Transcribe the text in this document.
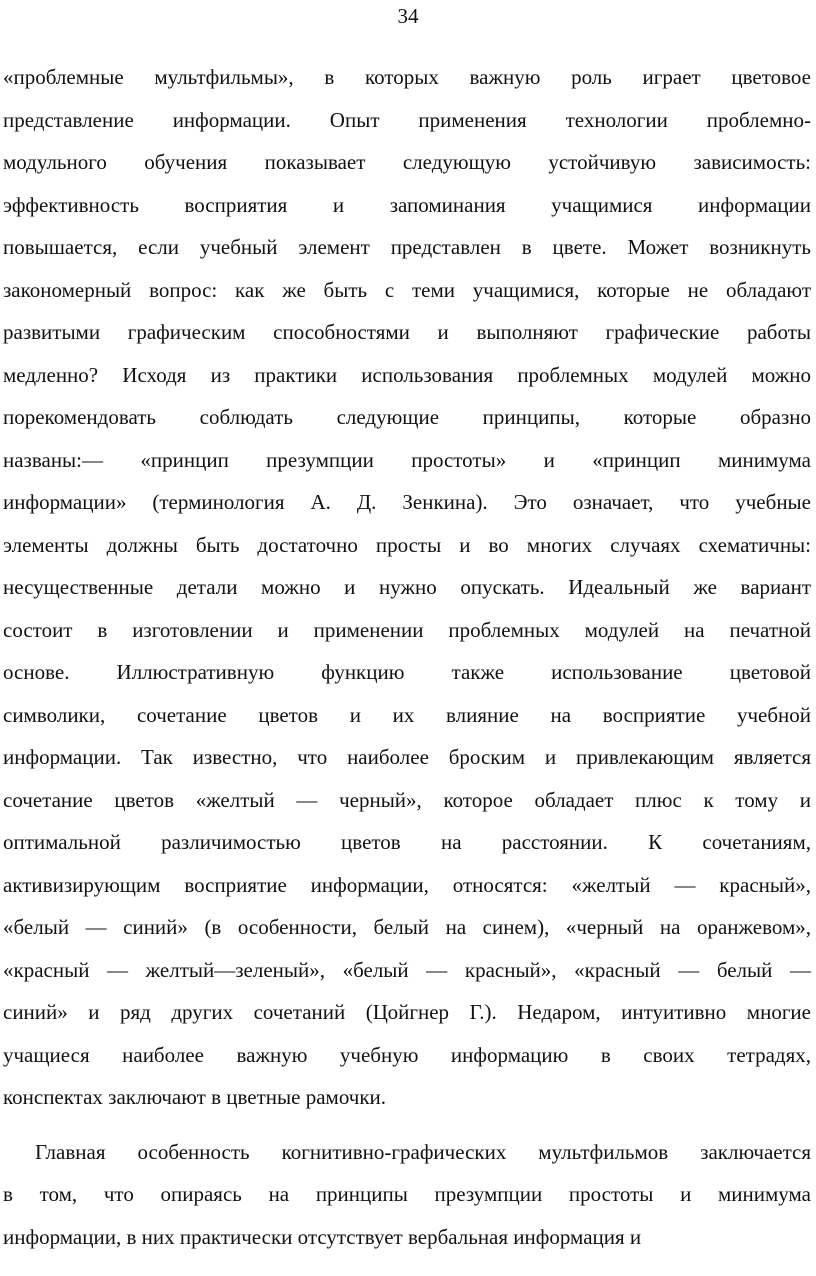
34
«проблемные мультфильмы», в которых важную роль играет цветовое
представление информации. Опыт применения технологии проблемно-
модульного обучения показывает следующую устойчивую зависимость:
эффективность восприятия и запоминания учащимися информации
повышается, если учебный элемент представлен в цвете. Может возникнуть
закономерный вопрос: как же быть с теми учащимися, которые не обладают
развитыми графическим способностями и выполняют графические работы
медленно? Исходя из практики использования проблемных модулей можно
порекомендовать соблюдать следующие принципы, которые образно
названы:— «принцип презумпции простоты» и «принцип минимума
информации» (терминология А. Д. Зенкина). Это означает, что учебные
элементы должны быть достаточно просты и во многих случаях схематичны:
несущественные детали можно и нужно опускать. Идеальный же вариант
состоит в изготовлении и применении проблемных модулей на печатной
основе. Иллюстративную функцию также использование цветовой
символики, сочетание цветов и их влияние на восприятие учебной
информации. Так известно, что наиболее броским и привлекающим является
сочетание цветов «желтый — черный», которое обладает плюс к тому и
оптимальной различимостью цветов на расстоянии. К сочетаниям,
активизирующим восприятие информации, относятся: «желтый — красный»,
«белый — синий» (в особенности, белый на синем), «черный на оранжевом»,
«красный — желтый—зеленый», «белый — красный», «красный — белый —
синий» и ряд других сочетаний (Цойгнер Г.). Недаром, интуитивно многие
учащиеся наиболее важную учебную информацию в своих тетрадях,
конспектах заключают в цветные рамочки.
Главная особенность когнитивно-графических мультфильмов заключается
в том, что опираясь на принципы презумпции простоты и минимума
информации, в них практически отсутствует вербальная информация и
